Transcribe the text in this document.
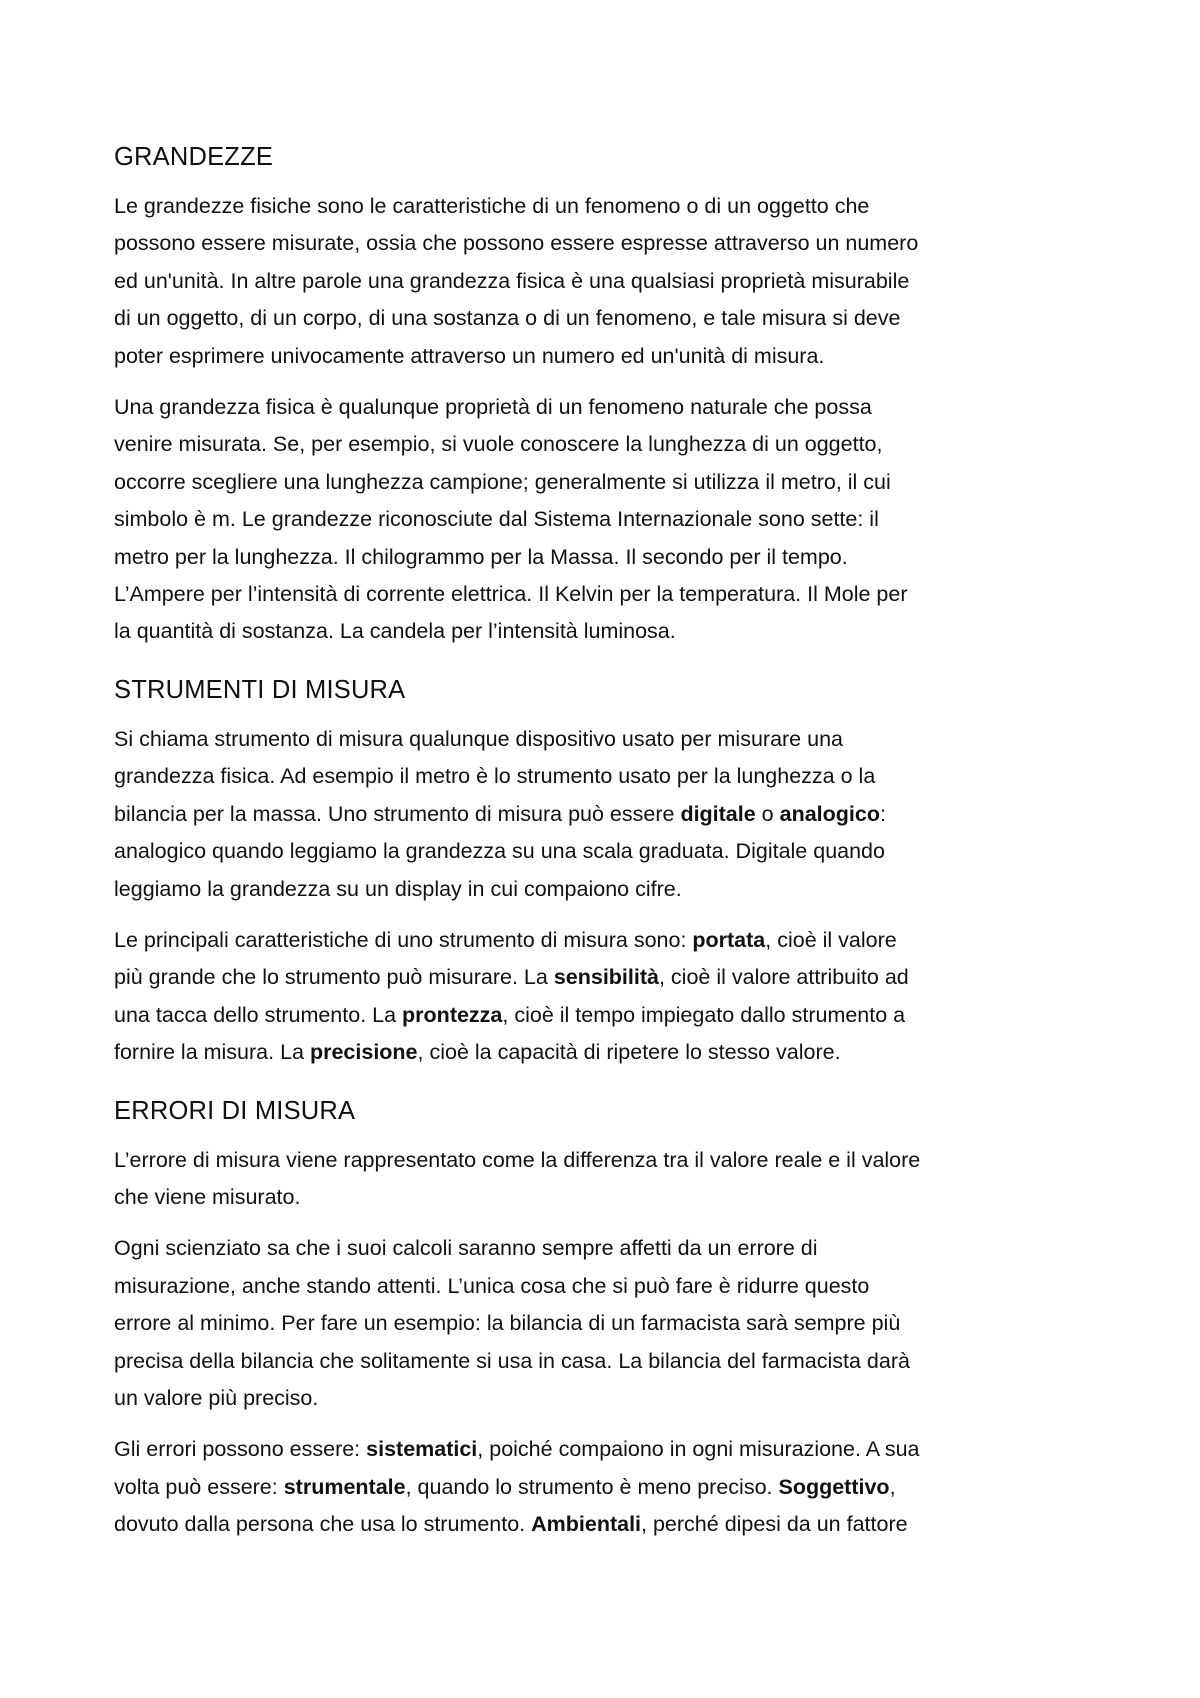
GRANDEZZE

Le grandezze fisiche sono le caratteristiche di un fenomeno o di un oggetto che
possono essere misurate, ossia che possono essere espresse attraverso un numero
ed un'unità. In altre parole una grandezza fisica è una qualsiasi proprietà misurabile
di un oggetto, di un corpo, di una sostanza o di un fenomeno, e tale misura si deve
poter esprimere univocamente attraverso un numero ed un'unità di misura.

Una grandezza fisica è qualunque proprietà di un fenomeno naturale che possa
venire misurata. Se, per esempio, si vuole conoscere la lunghezza di un oggetto,
occorre scegliere una lunghezza campione; generalmente si utilizza il metro, il cui
simbolo è m. Le grandezze riconosciute dal Sistema Internazionale sono sette: il
metro per la lunghezza. Il chilogrammo per la Massa. Il secondo per il tempo.
L’Ampere per l’intensità di corrente elettrica. Il Kelvin per la temperatura. Il Mole per
la quantità di sostanza. La candela per l’intensità luminosa.

STRUMENTI DI MISURA

Si chiama strumento di misura qualunque dispositivo usato per misurare una
grandezza fisica. Ad esempio il metro è lo strumento usato per la lunghezza o la
bilancia per la massa. Uno strumento di misura può essere digitale o analogico:
analogico quando leggiamo la grandezza su una scala graduata. Digitale quando
leggiamo la grandezza su un display in cui compaiono cifre.

Le principali caratteristiche di uno strumento di misura sono: portata, cioè il valore
più grande che lo strumento può misurare. La sensibilità, cioè il valore attribuito ad
una tacca dello strumento. La prontezza, cioè il tempo impiegato dallo strumento a
fornire la misura. La precisione, cioè la capacità di ripetere lo stesso valore.

ERRORI DI MISURA

L’errore di misura viene rappresentato come la differenza tra il valore reale e il valore
che viene misurato.

Ogni scienziato sa che i suoi calcoli saranno sempre affetti da un errore di
misurazione, anche stando attenti. L’unica cosa che si può fare è ridurre questo
errore al minimo. Per fare un esempio: la bilancia di un farmacista sarà sempre più
precisa della bilancia che solitamente si usa in casa. La bilancia del farmacista darà
un valore più preciso.

Gli errori possono essere: sistematici, poiché compaiono in ogni misurazione. A sua
volta può essere: strumentale, quando lo strumento è meno preciso. Soggettivo,
dovuto dalla persona che usa lo strumento. Ambientali, perché dipesi da un fattore
